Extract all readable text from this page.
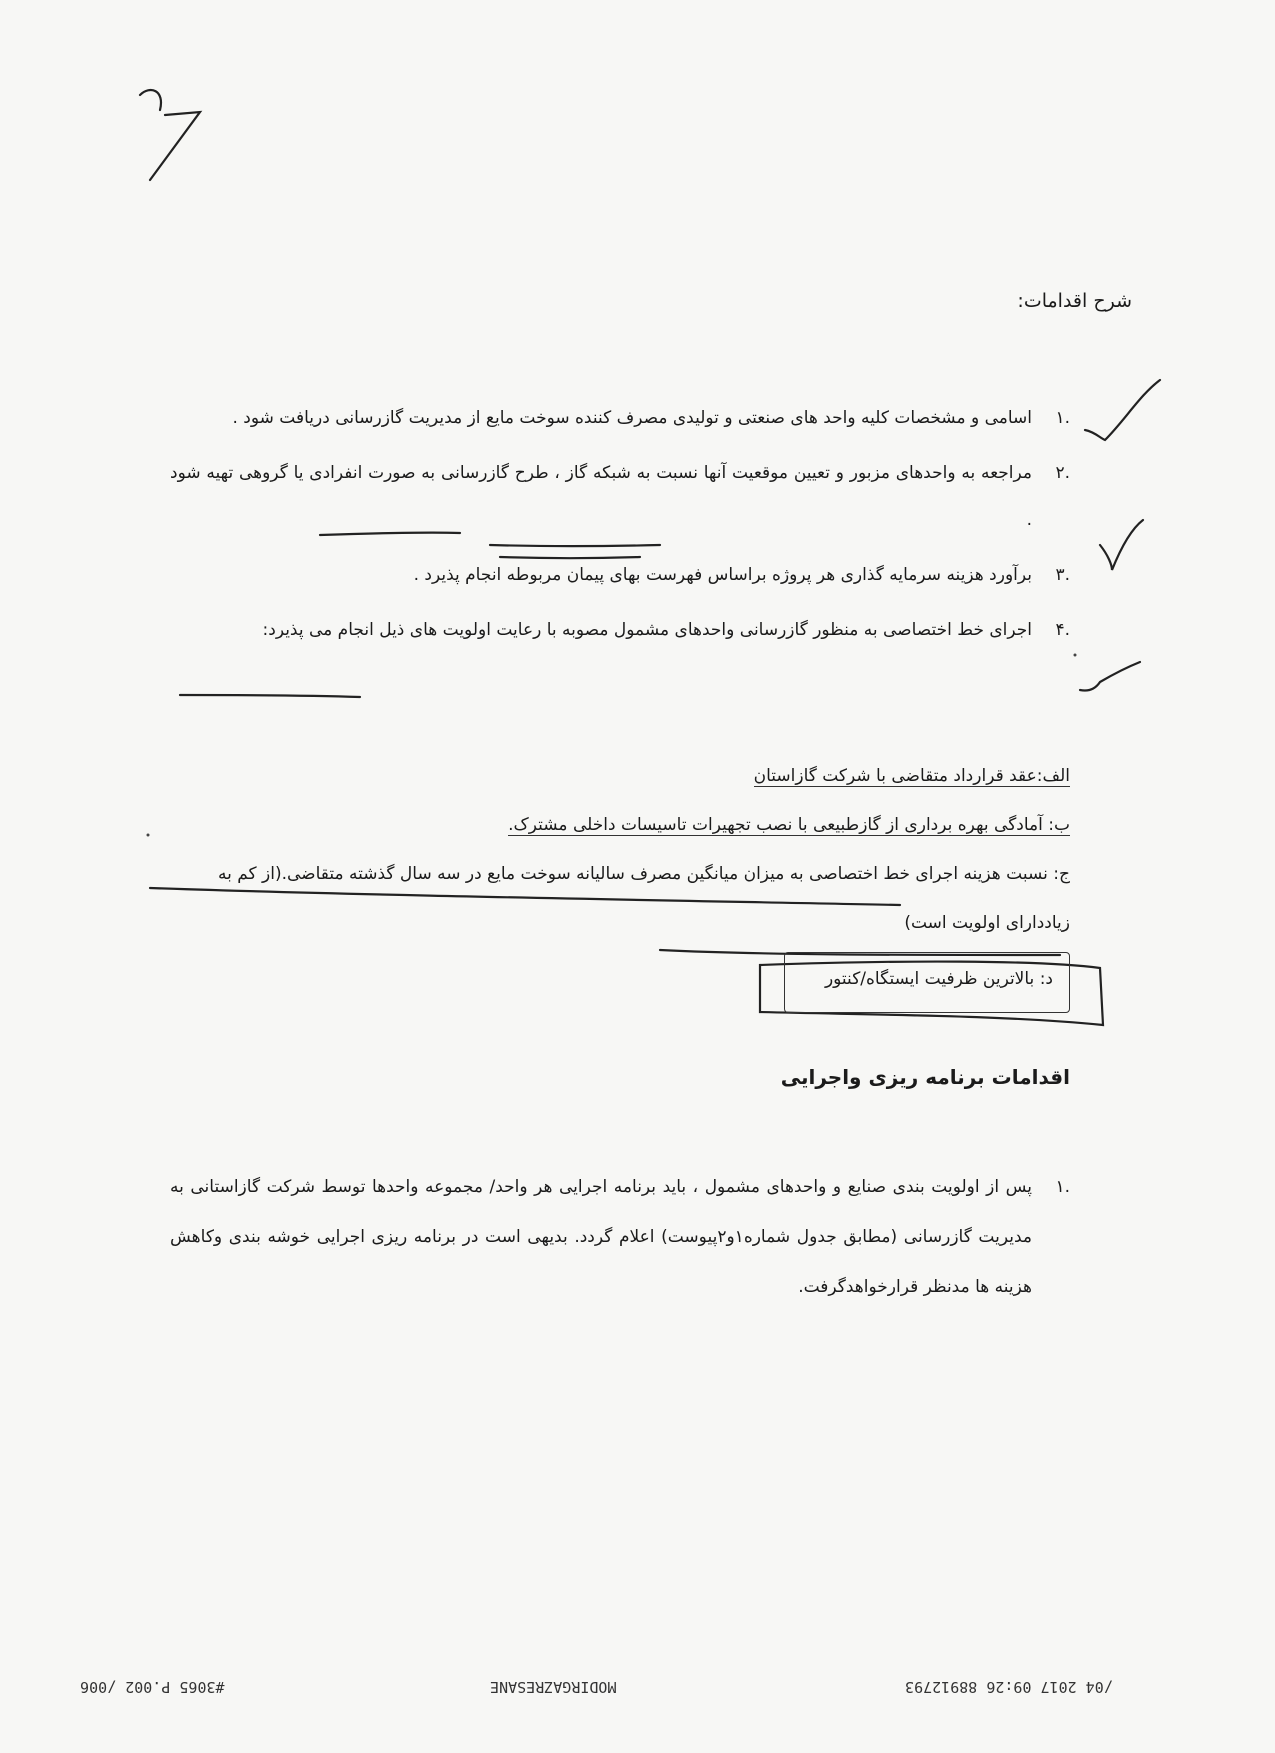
شرح اقدامات:
.۱
اسامی و مشخصات کلیه واحد های صنعتی و تولیدی مصرف کننده سوخت مایع از مدیریت گازرسانی دریافت شود .
.۲
مراجعه به واحدهای مزبور و تعیین موقعیت آنها نسبت به شبکه گاز ، طرح گازرسانی به صورت انفرادی یا گروهی تهیه شود .
.۳
برآورد هزینه سرمایه گذاری هر پروژه براساس فهرست بهای پیمان مربوطه انجام پذیرد .
.۴
اجرای خط اختصاصی به منظور گازرسانی واحدهای مشمول مصوبه با رعایت اولویت های ذیل انجام می پذیرد:
الف:عقد قرارداد متقاضی با شرکت گازاستان
ب: آمادگی بهره برداری از گازطبیعی با نصب تجهیرات تاسیسات داخلی مشترک.
ج: نسبت هزینه اجرای خط اختصاصی به میزان میانگین مصرف سالیانه سوخت مایع در سه سال گذشته متقاضی.(از کم به زیاددارای اولویت است)
د: بالاترین ظرفیت ایستگاه/کنتور
اقدامات برنامه ریزی واجرایی
.۱
پس از اولویت بندی صنایع و واحدهای مشمول ، باید برنامه اجرایی هر واحد/ مجموعه واحدها توسط شرکت گازاستانی به مدیریت گازرسانی (مطابق جدول شماره۱و۲پیوست) اعلام گردد. بدیهی است در برنامه ریزی اجرایی خوشه بندی وکاهش هزینه ها مدنظر قرارخواهدگرفت.
#3065 P.002 /006	MODIRGAZRESANE	/04 2017 09:26 88912793
